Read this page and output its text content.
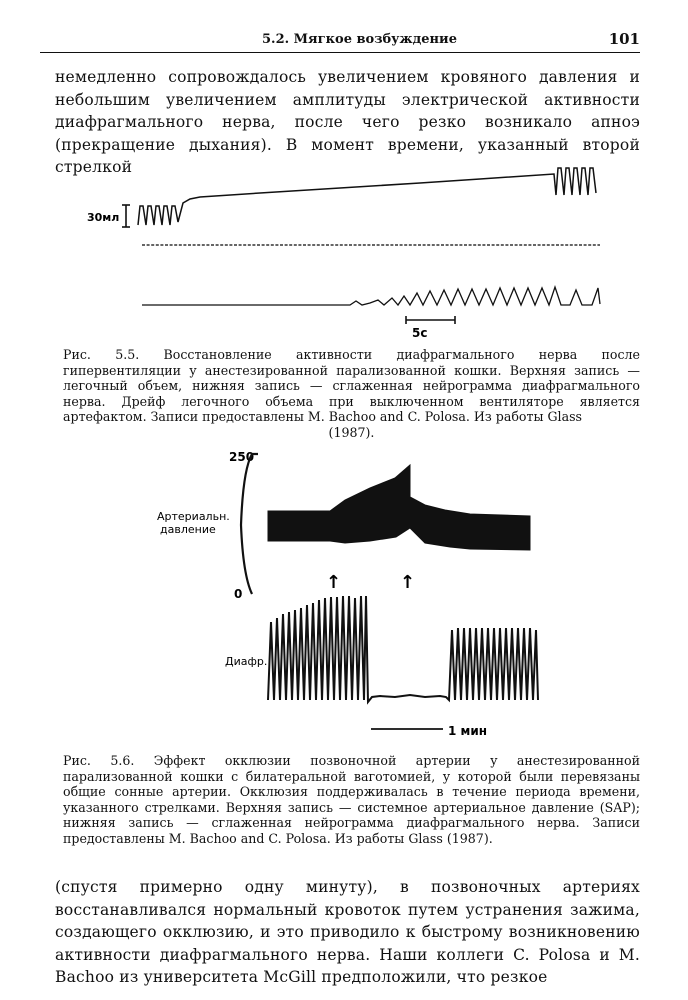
5.2. Мягкое возбуждение	101
немедленно сопровождалось увеличением кровяного давления и небольшим увеличением амплитуды электрической активности диафрагмального нерва, после чего резко возникало апноэ (прекращение дыхания). В момент времени, указанный второй стрелкой
30мл
5с
Рис. 5.5. Восстановление активности диафрагмального нерва после гипервентиляции у анестезированной парализованной кошки. Верхняя запись — легочный объем, нижняя запись — сглаженная нейрограмма диафрагмального нерва. Дрейф легочного объема при выключенном вентиляторе является артефактом. Записи предоставлены M. Bachoo and C. Polosa. Из работы Glass
(1987).
250
0
Артериальн.
давление
↑	↑
Диафр.
1 мин
Рис. 5.6. Эффект окклюзии позвоночной артерии у анестезированной парализованной кошки с билатеральной ваготомией, у которой были перевязаны общие сонные артерии. Окклюзия поддерживалась в течение периода времени, указанного стрелками. Верхняя запись — системное артериальное давление (SAP); нижняя запись — сглаженная нейрограмма диафрагмального нерва. Записи предоставлены M. Bachoo and C. Polosa. Из работы Glass (1987).
(спустя примерно одну минуту), в позвоночных артериях восстанавливался нормальный кровоток путем устранения зажима, создающего окклюзию, и это приводило к быстрому возникновению активности диафрагмального нерва. Наши коллеги C. Polosa и M. Bachoo из университета McGill предположили, что резкое
